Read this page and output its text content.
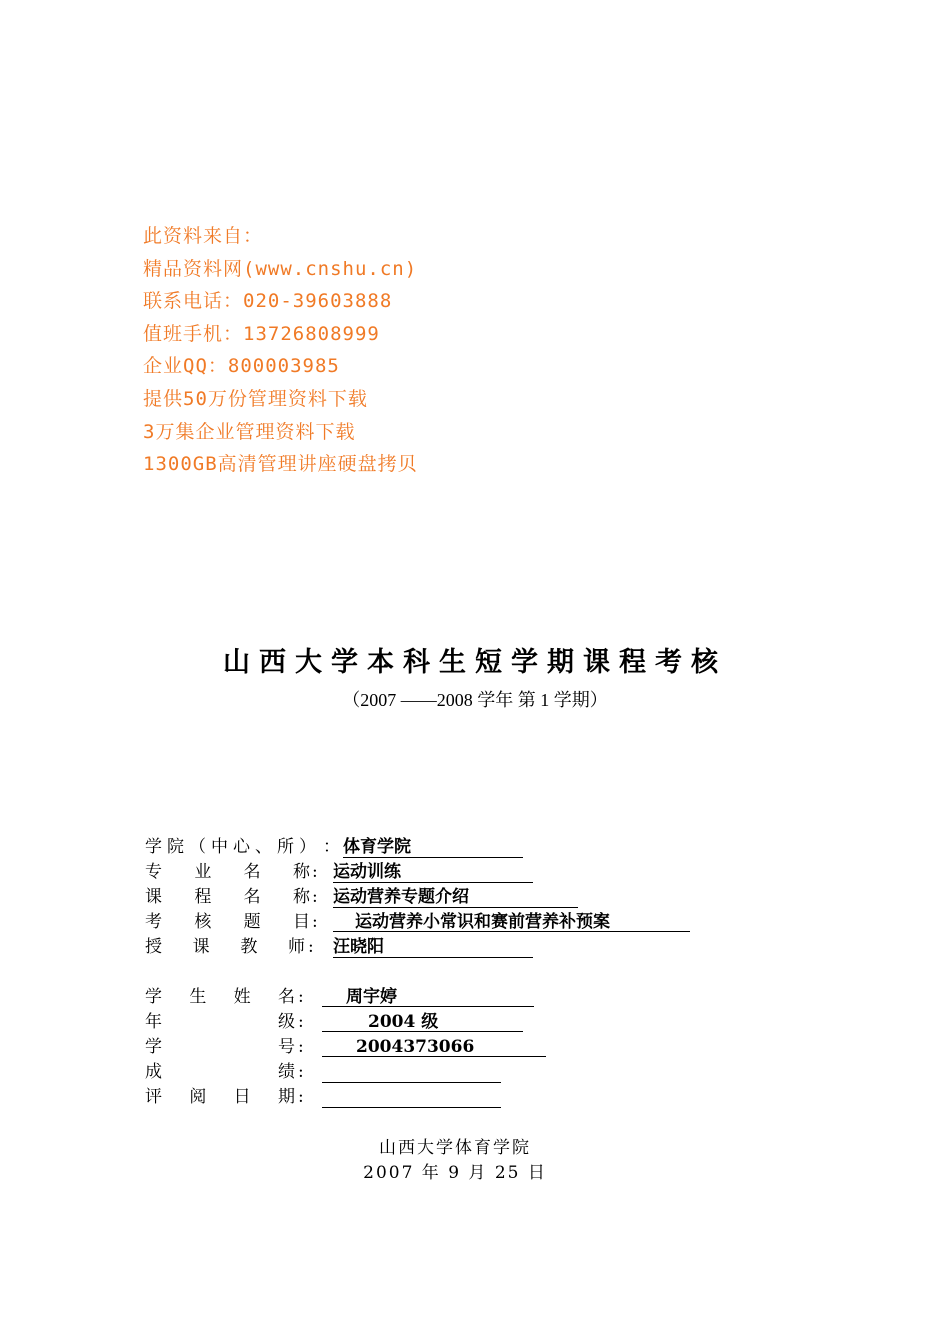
此资料来自：
精品资料网(www.cnshu.cn)
联系电话：020-39603888
值班手机：13726808999
企业QQ：800003985
提供50万份管理资料下载
3万集企业管理资料下载
1300GB高清管理讲座硬盘拷贝
山西大学本科生短学期课程考核
（2007 ——2008 学年 第 1 学期）
学院（中心、所） ： 体育学院
专 业 名 称 : 运动训练
课 程 名 称 : 运动营养专题介绍
考 核 题 目 :	运动营养小常识和赛前营养补预案
授 课 教 师 : 汪晓阳
学 生 姓 名 :	周宇婷
年	级 :	2004 级
学	号 :	2004373066
成	绩 :
评 阅 日 期 :
山西大学体育学院
2007 年 9 月 25 日
